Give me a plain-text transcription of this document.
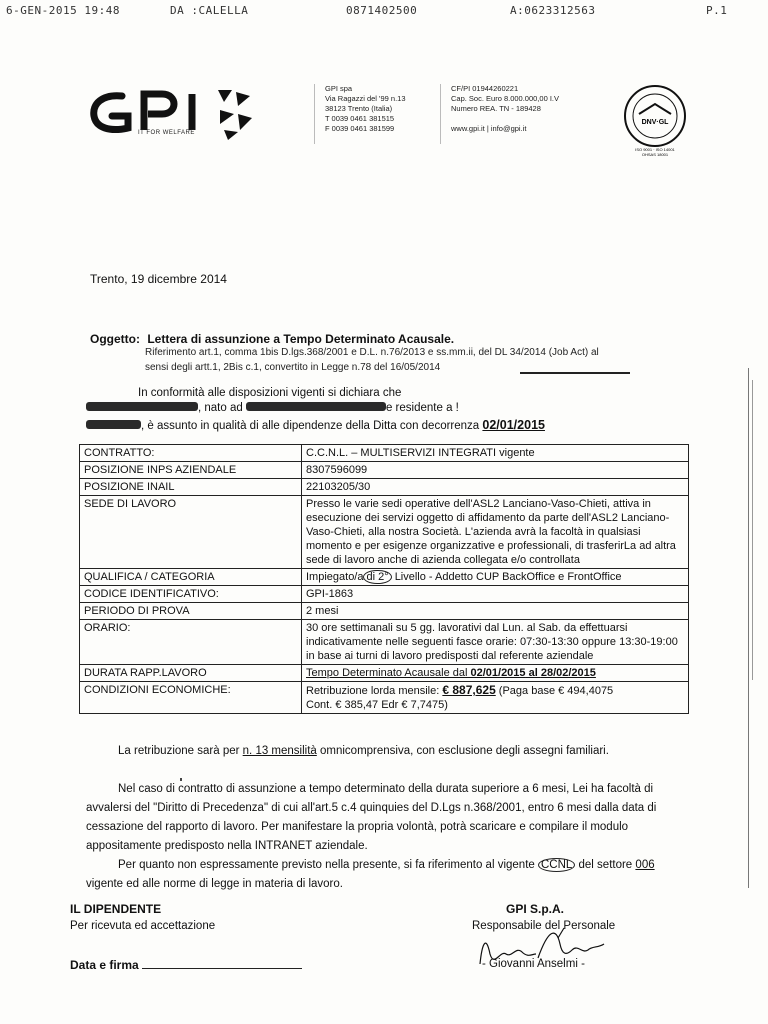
6-GEN-2015 19:48	DA :CALELLA	0871402500	A:0623312563	P.1
GPI
IT FOR WELFARE
GPI spa
Via Ragazzi del '99 n.13
38123 Trento (Italia)
T 0039 0461 381515
F 0039 0461 381599
CF/PI 01944260221
Cap. Soc. Euro 8.000.000,00 I.V
Numero REA. TN - 189428

www.gpi.it | info@gpi.it
DNV·GL
ISO 9001 · ISO 14001
OHSAS 18001
MANAGEMENT SYSTEM CERTIFICATION
Trento, 19 dicembre 2014
Oggetto: Lettera di assunzione a Tempo Determinato Acausale.
Riferimento art.1, comma 1bis D.lgs.368/2001 e D.L. n.76/2013 e ss.mm.ii, del DL 34/2014 (Job Act) al
sensi degli artt.1, 2Bis c.1, convertito in Legge n.78 del 16/05/2014
In conformità alle disposizioni vigenti si dichiara che
, nato ad	e residente a !
, è assunto in qualità di alle dipendenze della Ditta con decorrenza 02/01/2015
CONTRATTO:	C.C.N.L. – MULTISERVIZI INTEGRATI vigente
POSIZIONE INPS AZIENDALE	8307596099
POSIZIONE INAIL	22103205/30
SEDE DI LAVORO	Presso le varie sedi operative dell'ASL2 Lanciano-Vaso-Chieti, attiva in esecuzione dei servizi oggetto di affidamento da parte dell'ASL2 Lanciano-Vaso-Chieti, alla nostra Società. L'azienda avrà la facoltà in qualsiasi momento e per esigenze organizzative e professionali, di trasferirLa ad altra sede di lavoro anche di azienda collegata e/o controllata
QUALIFICA / CATEGORIA	Impiegato/a di 2° Livello - Addetto CUP BackOffice e FrontOffice
CODICE IDENTIFICATIVO:	GPI-1863
PERIODO DI PROVA	2 mesi
ORARIO:	30 ore settimanali su 5 gg. lavorativi dal Lun. al Sab. da effettuarsi indicativamente nelle seguenti fasce orarie: 07:30-13:30 oppure 13:30-19:00 in base ai turni di lavoro predisposti dal referente aziendale
DURATA RAPP.LAVORO	Tempo Determinato Acausale dal 02/01/2015 al 28/02/2015
CONDIZIONI ECONOMICHE:	Retribuzione lorda mensile: € 887,625 (Paga base € 494,4075
Cont. € 385,47 Edr € 7,7475)
La retribuzione sarà per n. 13 mensilità omnicomprensiva, con esclusione degli assegni familiari.
Nel caso di contratto di assunzione a tempo determinato della durata superiore a 6 mesi, Lei ha facoltà di avvalersi del "Diritto di Precedenza" di cui all'art.5 c.4 quinquies del D.Lgs n.368/2001, entro 6 mesi dalla data di cessazione del rapporto di lavoro. Per manifestare la propria volontà, potrà scaricare e compilare il modulo appositamente predisposto nella INTRANET aziendale.
Per quanto non espressamente previsto nella presente, si fa riferimento al vigente CCNL del settore 006 vigente ed alle norme di legge in materia di lavoro.
IL DIPENDENTE
Per ricevuta ed accettazione
Data e firma
GPI S.p.A.
Responsabile del Personale
- Giovanni Anselmi -
